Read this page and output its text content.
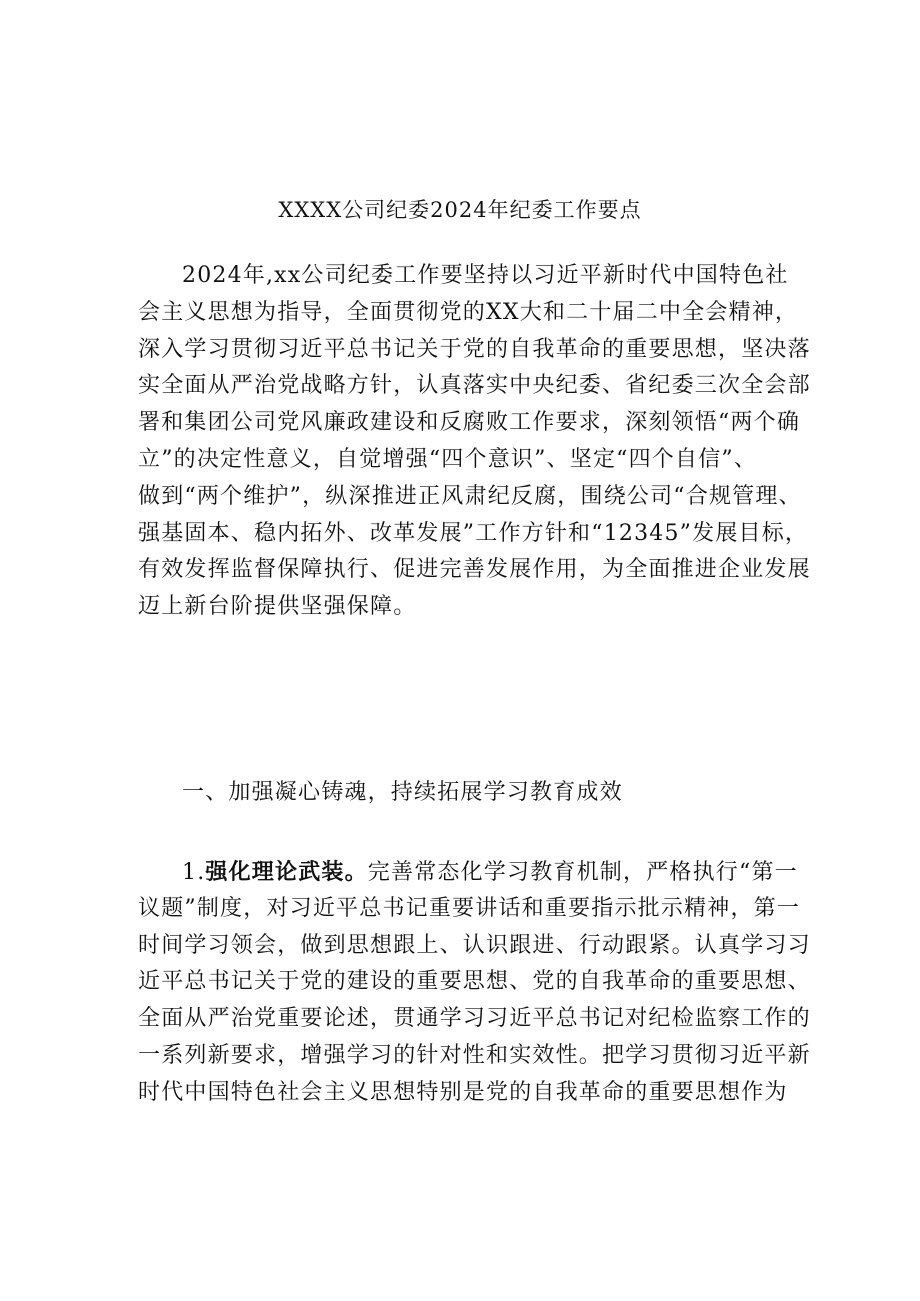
XXXX公司纪委2024年纪委工作要点
2024年,xx公司纪委工作要坚持以习近平新时代中国特色社
会主义思想为指导，全面贯彻党的XX大和二十届二中全会精神，
深入学习贯彻习近平总书记关于党的自我革命的重要思想，坚决落
实全面从严治党战略方针，认真落实中央纪委、省纪委三次全会部
署和集团公司党风廉政建设和反腐败工作要求，深刻领悟“两个确
立”的决定性意义，自觉增强“四个意识”、坚定“四个自信”、
做到“两个维护”，纵深推进正风肃纪反腐，围绕公司“合规管理、
强基固本、稳内拓外、改革发展”工作方针和“12345”发展目标，
有效发挥监督保障执行、促进完善发展作用，为全面推进企业发展
迈上新台阶提供坚强保障。
一、加强凝心铸魂，持续拓展学习教育成效
1.强化理论武装。完善常态化学习教育机制，严格执行“第一
议题”制度，对习近平总书记重要讲话和重要指示批示精神，第一
时间学习领会，做到思想跟上、认识跟进、行动跟紧。认真学习习
近平总书记关于党的建设的重要思想、党的自我革命的重要思想、
全面从严治党重要论述，贯通学习习近平总书记对纪检监察工作的
一系列新要求，增强学习的针对性和实效性。把学习贯彻习近平新
时代中国特色社会主义思想特别是党的自我革命的重要思想作为
